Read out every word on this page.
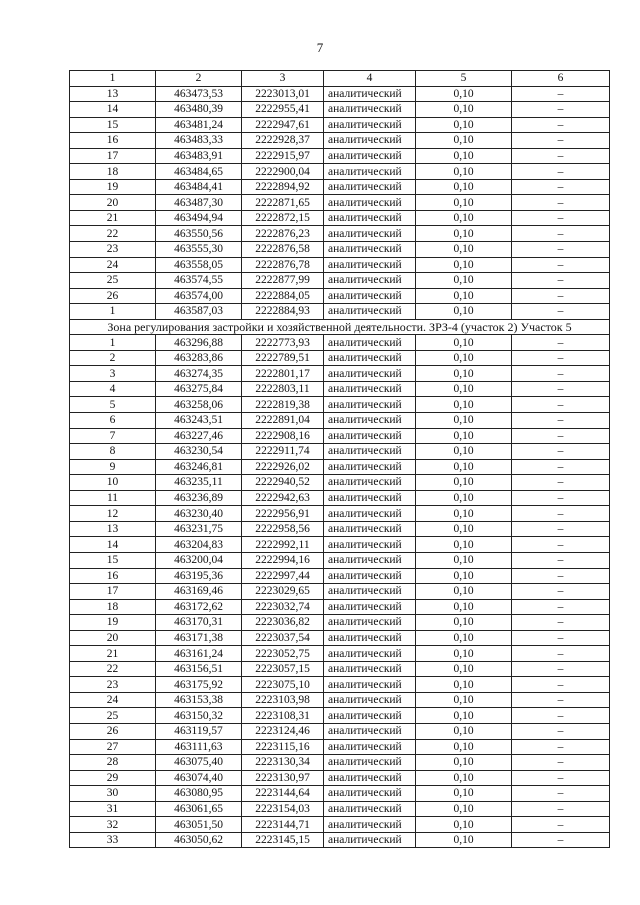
7
1	2	3	4	5	6
13	463473,53	2223013,01	аналитический	0,10	–
14	463480,39	2222955,41	аналитический	0,10	–
15	463481,24	2222947,61	аналитический	0,10	–
16	463483,33	2222928,37	аналитический	0,10	–
17	463483,91	2222915,97	аналитический	0,10	–
18	463484,65	2222900,04	аналитический	0,10	–
19	463484,41	2222894,92	аналитический	0,10	–
20	463487,30	2222871,65	аналитический	0,10	–
21	463494,94	2222872,15	аналитический	0,10	–
22	463550,56	2222876,23	аналитический	0,10	–
23	463555,30	2222876,58	аналитический	0,10	–
24	463558,05	2222876,78	аналитический	0,10	–
25	463574,55	2222877,99	аналитический	0,10	–
26	463574,00	2222884,05	аналитический	0,10	–
1	463587,03	2222884,93	аналитический	0,10	–
Зона регулирования застройки и хозяйственной деятельности. ЗРЗ-4 (участок 2) Участок 5					
1	463296,88	2222773,93	аналитический	0,10	–
2	463283,86	2222789,51	аналитический	0,10	–
3	463274,35	2222801,17	аналитический	0,10	–
4	463275,84	2222803,11	аналитический	0,10	–
5	463258,06	2222819,38	аналитический	0,10	–
6	463243,51	2222891,04	аналитический	0,10	–
7	463227,46	2222908,16	аналитический	0,10	–
8	463230,54	2222911,74	аналитический	0,10	–
9	463246,81	2222926,02	аналитический	0,10	–
10	463235,11	2222940,52	аналитический	0,10	–
11	463236,89	2222942,63	аналитический	0,10	–
12	463230,40	2222956,91	аналитический	0,10	–
13	463231,75	2222958,56	аналитический	0,10	–
14	463204,83	2222992,11	аналитический	0,10	–
15	463200,04	2222994,16	аналитический	0,10	–
16	463195,36	2222997,44	аналитический	0,10	–
17	463169,46	2223029,65	аналитический	0,10	–
18	463172,62	2223032,74	аналитический	0,10	–
19	463170,31	2223036,82	аналитический	0,10	–
20	463171,38	2223037,54	аналитический	0,10	–
21	463161,24	2223052,75	аналитический	0,10	–
22	463156,51	2223057,15	аналитический	0,10	–
23	463175,92	2223075,10	аналитический	0,10	–
24	463153,38	2223103,98	аналитический	0,10	–
25	463150,32	2223108,31	аналитический	0,10	–
26	463119,57	2223124,46	аналитический	0,10	–
27	463111,63	2223115,16	аналитический	0,10	–
28	463075,40	2223130,34	аналитический	0,10	–
29	463074,40	2223130,97	аналитический	0,10	–
30	463080,95	2223144,64	аналитический	0,10	–
31	463061,65	2223154,03	аналитический	0,10	–
32	463051,50	2223144,71	аналитический	0,10	–
33	463050,62	2223145,15	аналитический	0,10	–
